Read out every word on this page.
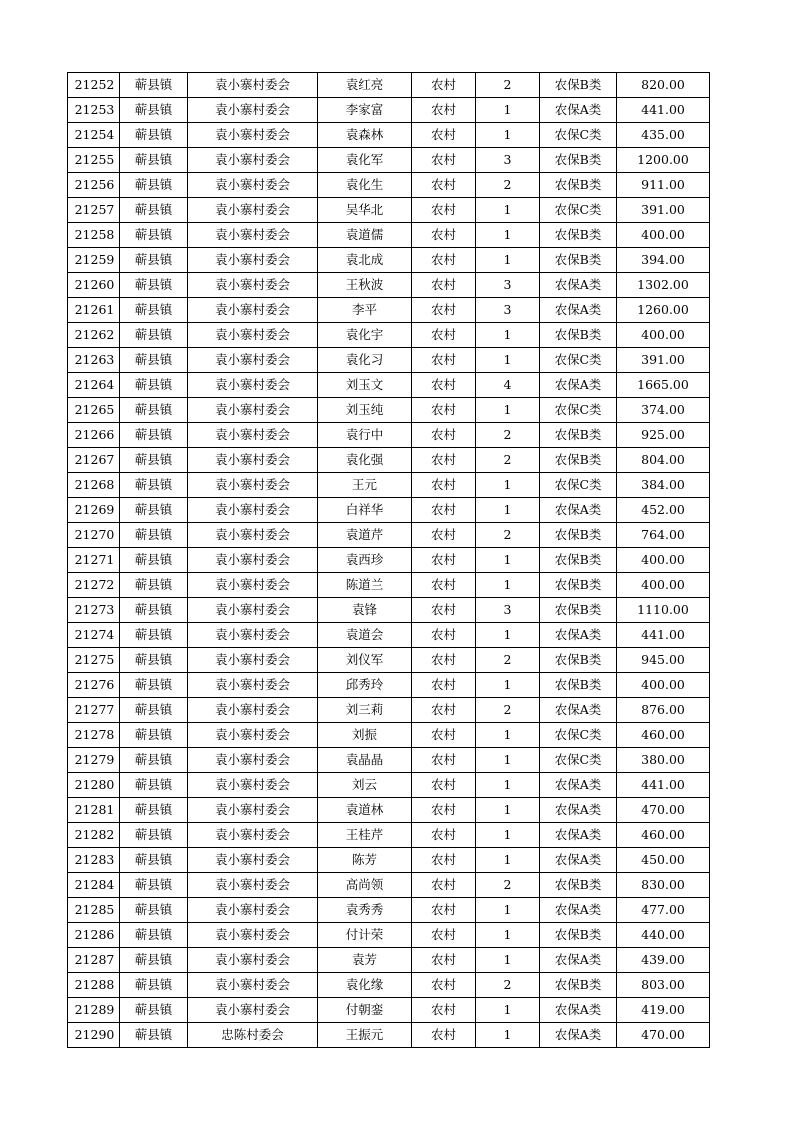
21252	蕲县镇	袁小寨村委会	袁红亮	农村	2	农保B类	820.00
21253	蕲县镇	袁小寨村委会	李家富	农村	1	农保A类	441.00
21254	蕲县镇	袁小寨村委会	袁森林	农村	1	农保C类	435.00
21255	蕲县镇	袁小寨村委会	袁化军	农村	3	农保B类	1200.00
21256	蕲县镇	袁小寨村委会	袁化生	农村	2	农保B类	911.00
21257	蕲县镇	袁小寨村委会	吴华北	农村	1	农保C类	391.00
21258	蕲县镇	袁小寨村委会	袁道儒	农村	1	农保B类	400.00
21259	蕲县镇	袁小寨村委会	袁北成	农村	1	农保B类	394.00
21260	蕲县镇	袁小寨村委会	王秋波	农村	3	农保A类	1302.00
21261	蕲县镇	袁小寨村委会	李平	农村	3	农保A类	1260.00
21262	蕲县镇	袁小寨村委会	袁化宇	农村	1	农保B类	400.00
21263	蕲县镇	袁小寨村委会	袁化习	农村	1	农保C类	391.00
21264	蕲县镇	袁小寨村委会	刘玉文	农村	4	农保A类	1665.00
21265	蕲县镇	袁小寨村委会	刘玉纯	农村	1	农保C类	374.00
21266	蕲县镇	袁小寨村委会	袁行中	农村	2	农保B类	925.00
21267	蕲县镇	袁小寨村委会	袁化强	农村	2	农保B类	804.00
21268	蕲县镇	袁小寨村委会	王元	农村	1	农保C类	384.00
21269	蕲县镇	袁小寨村委会	白祥华	农村	1	农保A类	452.00
21270	蕲县镇	袁小寨村委会	袁道芹	农村	2	农保B类	764.00
21271	蕲县镇	袁小寨村委会	袁西珍	农村	1	农保B类	400.00
21272	蕲县镇	袁小寨村委会	陈道兰	农村	1	农保B类	400.00
21273	蕲县镇	袁小寨村委会	袁锋	农村	3	农保B类	1110.00
21274	蕲县镇	袁小寨村委会	袁道会	农村	1	农保A类	441.00
21275	蕲县镇	袁小寨村委会	刘仪军	农村	2	农保B类	945.00
21276	蕲县镇	袁小寨村委会	邱秀玲	农村	1	农保B类	400.00
21277	蕲县镇	袁小寨村委会	刘三莉	农村	2	农保A类	876.00
21278	蕲县镇	袁小寨村委会	刘振	农村	1	农保C类	460.00
21279	蕲县镇	袁小寨村委会	袁晶晶	农村	1	农保C类	380.00
21280	蕲县镇	袁小寨村委会	刘云	农村	1	农保A类	441.00
21281	蕲县镇	袁小寨村委会	袁道林	农村	1	农保A类	470.00
21282	蕲县镇	袁小寨村委会	王桂芹	农村	1	农保A类	460.00
21283	蕲县镇	袁小寨村委会	陈芳	农村	1	农保A类	450.00
21284	蕲县镇	袁小寨村委会	高尚领	农村	2	农保B类	830.00
21285	蕲县镇	袁小寨村委会	袁秀秀	农村	1	农保A类	477.00
21286	蕲县镇	袁小寨村委会	付计荣	农村	1	农保B类	440.00
21287	蕲县镇	袁小寨村委会	袁芳	农村	1	农保A类	439.00
21288	蕲县镇	袁小寨村委会	袁化缘	农村	2	农保B类	803.00
21289	蕲县镇	袁小寨村委会	付朝銮	农村	1	农保A类	419.00
21290	蕲县镇	忠陈村委会	王振元	农村	1	农保A类	470.00
